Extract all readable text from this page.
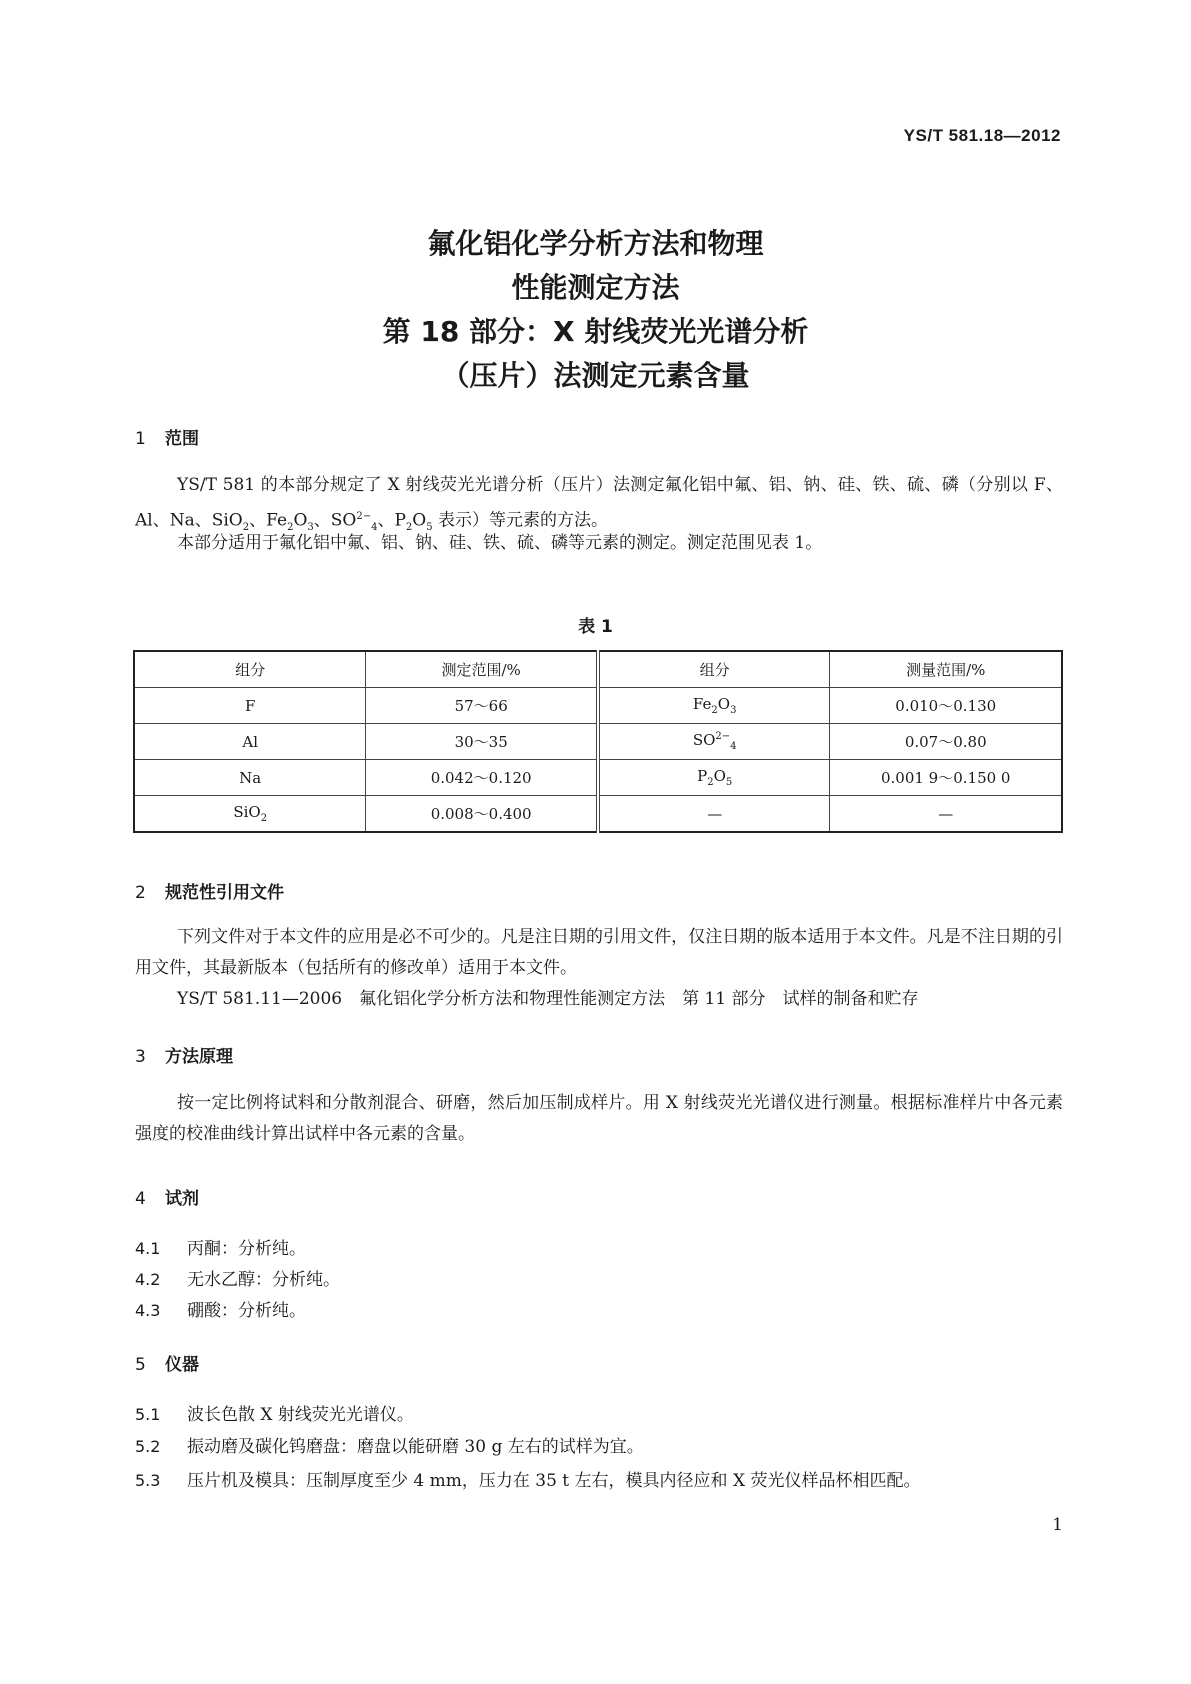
YS/T 581.18—2012
氟化铝化学分析方法和物理
性能测定方法
第 18 部分：X 射线荧光光谱分析
（压片）法测定元素含量
1 范围
YS/T 581 的本部分规定了 X 射线荧光光谱分析（压片）法测定氟化铝中氟、铝、钠、硅、铁、硫、磷（分别以 F、Al、Na、SiO$_2$、$Fe_2O_3$、$SO^{2-}_4$、$P_2O_5$ 表示）等元素的方法。
本部分适用于氟化铝中氟、铝、钠、硅、铁、硫、磷等元素的测定。测定范围见表 1。
表 1
组分	测定范围/%	组分	测量范围/%
F	57～66	$Fe_2O_3$	0.010～0.130
Al	30～35	$SO^{2-}_4$	0.07～0.80
Na	0.042～0.120	$P_2O_5$	0.001 9～0.150 0
SiO$_2$	0.008～0.400	—	—
2 规范性引用文件
下列文件对于本文件的应用是必不可少的。凡是注日期的引用文件，仅注日期的版本适用于本文件。凡是不注日期的引用文件，其最新版本（包括所有的修改单）适用于本文件。
YS/T 581.11—2006　氟化铝化学分析方法和物理性能测定方法　第 11 部分　试样的制备和贮存
3 方法原理
按一定比例将试料和分散剂混合、研磨，然后加压制成样片。用 X 射线荧光光谱仪进行测量。根据标准样片中各元素强度的校准曲线计算出试样中各元素的含量。
4 试剂
4.1 丙酮：分析纯。
4.2 无水乙醇：分析纯。
4.3 硼酸：分析纯。
5 仪器
5.1 波长色散 X 射线荧光光谱仪。
5.2 振动磨及碳化钨磨盘：磨盘以能研磨 30 g 左右的试样为宜。
5.3 压片机及模具：压制厚度至少 4 mm，压力在 35 t 左右，模具内径应和 X 荧光仪样品杯相匹配。
1
